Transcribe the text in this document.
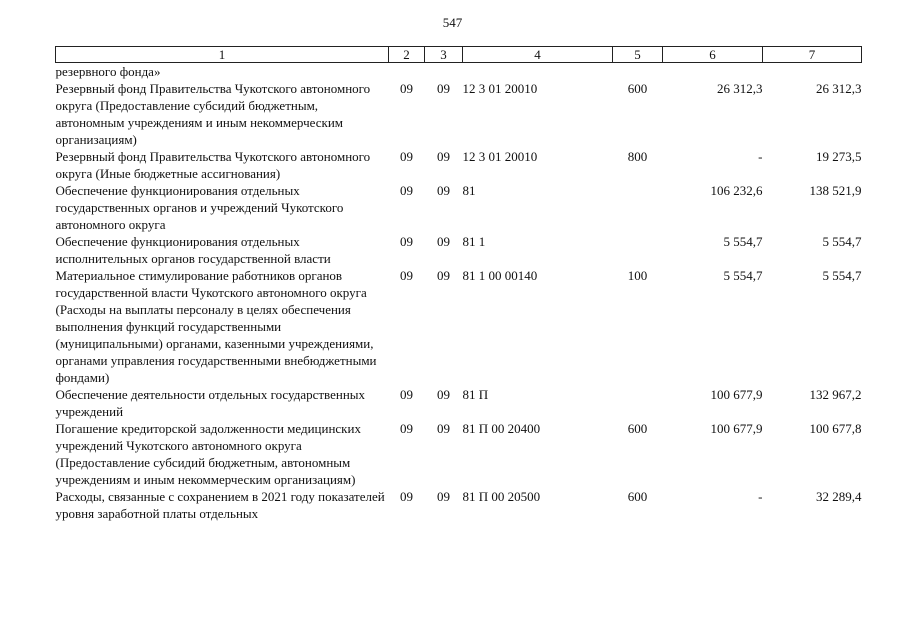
547
1	2	3	4	5	6	7
резервного фонда»						
Резервный фонд Правительства Чукотского автономного округа (Предоставление субсидий бюджетным, автономным учреждениям и иным некоммерческим организациям)	09	09	12 3 01 20010	600	26 312,3	26 312,3
Резервный фонд Правительства Чукотского автономного округа (Иные бюджетные ассигнования)	09	09	12 3 01 20010	800	-	19 273,5
Обеспечение функционирования отдельных государственных органов и учреждений Чукотского автономного округа	09	09	81		106 232,6	138 521,9
Обеспечение функционирования отдельных исполнительных органов государственной власти	09	09	81 1		5 554,7	5 554,7
Материальное стимулирование работников органов государственной власти Чукотского автономного округа (Расходы на выплаты персоналу в целях обеспечения выполнения функций государственными (муниципальными) органами, казенными учреждениями, органами управления государственными внебюджетными фондами)	09	09	81 1 00 00140	100	5 554,7	5 554,7
Обеспечение деятельности отдельных государственных учреждений	09	09	81 П		100 677,9	132 967,2
Погашение кредиторской задолженности медицинских учреждений Чукотского автономного округа (Предоставление субсидий бюджетным, автономным учреждениям и иным некоммерческим организациям)	09	09	81 П 00 20400	600	100 677,9	100 677,8
Расходы, связанные с сохранением в 2021 году показателей уровня заработной платы отдельных	09	09	81 П 00 20500	600	-	32 289,4
